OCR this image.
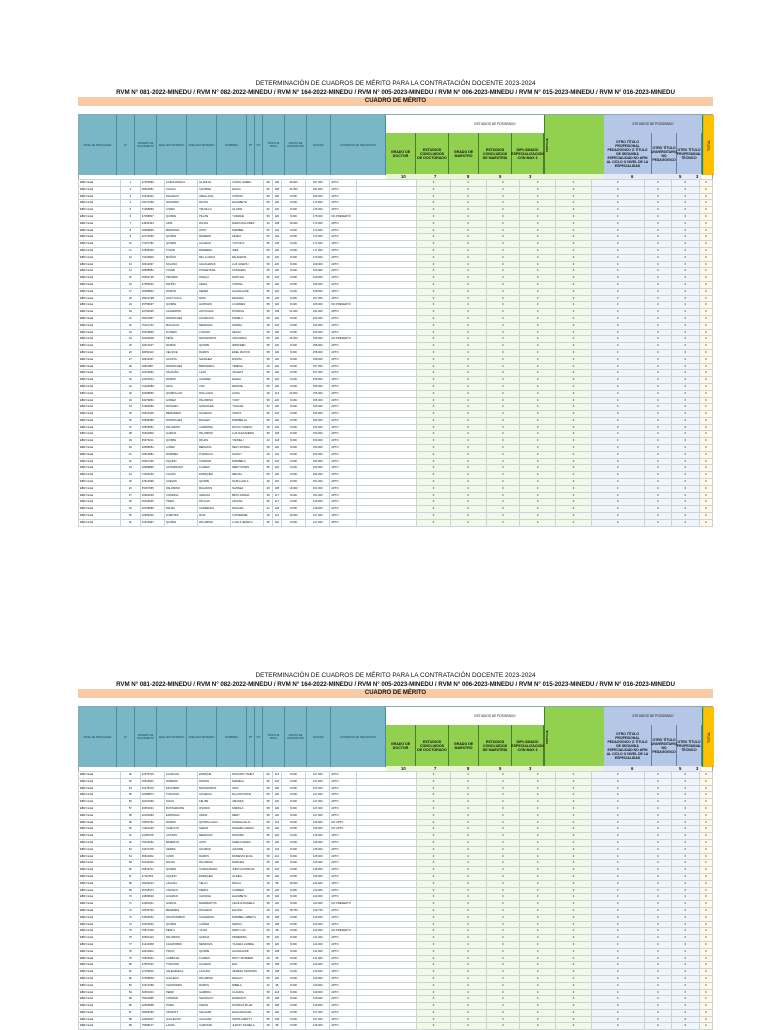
DETERMINACIÓN DE CUADROS DE MÉRITO PARA LA CONTRATACIÓN DOCENTE 2023-2024
RVM N° 081-2022-MINEDU / RVM N° 082-2022-MINEDU / RVM N° 164-2022-MINEDU / RVM N° 005-2023-MINEDU / RVM N° 006-2023-MINEDU / RVM N° 015-2023-MINEDU / RVM N° 016-2023-MINEDU
CUADRO DE MÉRITO
NIVEL DE MODALIDAD	N°	NÚMERO DE DOCUMENTO	APELLIDO PATERNO	APELLIDO MATERNO	NOMBRES	PT	PO	PUNTAJE FINAL
GRUPO DE INSCRIPCIÓN	ESTADO	CONDICIÓN DE REQUISITOS
ESTUDIOS DE POSGRADO
GRADO DE DOCTOR
ESTUDIOS CONCLUIDOS DE DOCTORADO
GRADO DE MAESTRO
ESTUDIOS CONCLUIDOS DE MAESTRÍA
DIPLOMADO ESPECIALIZACIÓN CON MAX 3
PUNTAJE
ESTUDIOS DE POSGRADO
OTRO TÍTULO PROFESIONAL PEDAGÓGICO O TÍTULO DE SEGUNDA ESPECIALIDAD NO AFIN AL CICLO O NIVEL DE LA ESPECIALIDAD
OTRO TÍTULO UNIVERSITARIO NO PEDAGÓGICO
OTRO TÍTULO PROFESIONAL TÉCNICO
TOTAL
10	7	8	5	3	6	5	3
EBR Inicial	1	47354893	CARHUAMACA	ILLIMILLE	CAROL ISABEL	98	109	29.000	207.000	APTO		0	0	0	0	0	0	0	0	0
EBR Inicial	2	48910851	ALIAGA	CHAPINE	ELIGIA	96	108	24.000	184.000	APTO		0	0	0	0	0	0	0	0	0
EBR Inicial	3	40418442	PACHECO	ORELLANA	CINTHIA	98	120	8.000	180.000	APTO		0	0	0	0	0	0	0	0	0
EBR Inicial	4	45071358	NAVARRO	ROJAS	ELIZABETH	58	120	8.000	176.000	APTO		0	0	0	0	0	0	0	0	0
EBR Inicial	5	71258869	LOPEZ	TRUJILLO	GLORIA	60	120	8.000	176.000	APTO		0	0	0	0	0	0	0	0	0
EBR Inicial	6	47098807	QUISPE	PILLPE	YURIANE	58	120	8.000	175.000	NO PRESENTO		0	0	0	0	0	0	0	0	0
EBR Inicial	7	44843334	ARIS	ROJAS	MARIA DOLORES	49	108	19.000	173.000	APTO		0	0	0	0	0	0	0	0	0
EBR Inicial	8	46698845	MENDOZA	ASTO	MARIBEL	56	116	9.000	172.000	APTO		0	0	0	0	0	0	0	0	0
EBR Inicial	9	42173665	QUISPE	ROMERO	KENDY	59	104	8.000	172.000	APTO		0	0	0	0	0	0	0	0	0
EBR Inicial	10	71457782	QUISPE	HUAMAN	YOCSICA	58	109	8.000	171.000	APTO		0	0	0	0	0	0	0	0	0
EBR Inicial	11	41558426	TOVAR	BARRERA	INES	58	120	8.000	171.000	APTO		0	0	0	0	0	0	0	0	0
EBR Inicial	12	71019900	MUÑOZ	DE LA CRUZ	MILAGROS	48	120	8.000	170.000	APTO		0	0	0	0	0	0	0	0	0
EBR Inicial	13	46612937	SOLANO	CHACHAPAS	LUZ JANETH	58	120	8.000	169.000	APTO		0	0	0	0	0	0	0	0	0
EBR Inicial	14	46698584	TOVAR	PONKETANA	KATHERIN	58	120	8.000	169.000	APTO		0	0	0	0	0	0	0	0	0
EBR Inicial	15	45592728	PIZARRO	ZAVALA	MARYLIN	58	120	8.000	169.000	APTO		0	0	0	0	0	0	0	0	0
EBR Inicial	16	47655042	PATIÑO	ARIAS	CORINA	58	120	8.000	168.000	APTO		0	0	0	0	0	0	0	0	0
EBR Inicial	17	46098804	ROMAN	PEREZ	GUADALUPE	58	120	8.000	168.000	APTO		0	0	0	0	0	0	0	0	0
EBR Inicial	18	45914798	HUAYTULLA	RIOS	ERLINDA	58	120	8.000	167.000	APTO		0	0	0	0	0	0	0	0	0
EBR Inicial	19	45756937	QUISPE	HURTADO	LOURDES	58	120	8.000	165.000	NO PRESENTO		0	0	0	0	0	0	0	0	0
EBR Inicial	20	40793695	CALDERON	ASTOCAZA	PATRICIA	58	109	21.000	164.000	APTO		0	0	0	0	0	0	0	0	0
EBR Inicial	21	45021857	RODRIGUEZ	HUAMCAYA	PAMELA	58	120	8.000	163.000	APTO		0	0	0	0	0	0	0	0	0
EBR Inicial	22	76121743	MACHACA	MENDOZA	WANDA	48	120	8.000	163.000	APTO		0	0	0	0	0	0	0	0	0
EBR Inicial	23	45519890	FLORES	LOZANO	NELSA	58	120	8.000	163.000	APTO		0	0	0	0	0	0	0	0	0
EBR Inicial	24	40400608	PEÑA	MATAMOROS	ANA MARIA	58	120	26.000	159.000	NO PRESENTO		0	0	0	0	0	0	0	0	0
EBR Inicial	25	40971627	RAMOS	QUISPE	WINIFRED	58	120	8.000	158.000	APTO		0	0	0	0	0	0	0	0	0
EBR Inicial	26	48059410	VELIQUE	RAMOS	EDEL MILTON	58	120	8.000	158.000	APTO		0	0	0	0	0	0	0	0	0
EBR Inicial	27	46512067	ACOSTA	SANCHEZ	ROSITA	58	120	8.000	158.000	APTO		0	0	0	0	0	0	0	0	0
EBR Inicial	28	46811857	RODRIGUEZ	BERNARDO	TERESA	48	120	8.000	157.000	APTO		0	0	0	0	0	0	0	0	0
EBR Inicial	29	40319962	SALDAÑA	LAZO	VIOLETA	58	120	8.000	157.000	APTO		0	0	0	0	0	0	0	0	0
EBR Inicial	30	41631544	RAMOS	ALVAREZ	ELENA	58	120	8.000	155.000	APTO		0	0	0	0	0	0	0	0	0
EBR Inicial	31	70429289	LEVA	CIRI	RENATE	58	120	8.000	155.000	APTO		0	0	0	0	0	0	0	0	0
EBR Inicial	32	40498650	QUISPILLAN	DOLLALDA	ALINA	28	113	20.000	155.000	APTO		0	0	0	0	0	0	0	0	0
EBR Inicial	33	43079863	GOMEZ	PALOMINO	YUDY	58	120	8.000	155.000	APTO		0	0	0	0	0	0	0	0	0
EBR Inicial	34	41994860	ROSARIO	GONZALES	YOHANA	52	120	8.000	155.000	APTO		0	0	0	0	0	0	0	0	0
EBR Inicial	35	46614905	BERNARDO	HUAMANI	TANITA	58	120	8.000	155.000	APTO		0	0	0	0	0	0	0	0	0
EBR Inicial	36	46599488	RODRIGUEZ	BULGEO	MARIBELLA	58	120	8.000	154.000	APTO		0	0	0	0	0	0	0	0	0
EBR Inicial	37	40518951	PALOMINO	CARMONA	ROCIO YANETH	48	120	8.000	154.000	APTO		0	0	0	0	0	0	0	0	0
EBR Inicial	38	46491802	GARCIA	PALOMINO	LUZ ALEXANDRA	58	108	8.000	153.000	APTO		0	0	0	0	0	0	0	0	0
EBR Inicial	39	45379211	QUISPE	ROJAS	YANNELI	42	118	8.000	153.000	APTO		0	0	0	0	0	0	0	0	0
EBR Inicial	40	40958051	LOPEZ	BERGATA	NELY ROSSIA	58	120	8.000	153.000	APTO		0	0	0	0	0	0	0	0	0
EBR Inicial	41	40514881	RAMIREZ	PURISACA	NATALY	48	110	8.000	153.000	APTO		0	0	0	0	0	0	0	0	0
EBR Inicial	42	45607430	AQUINO	CONDOR	MARIBELA	58	120	8.000	153.000	APTO		0	0	0	0	0	0	0	0	0
EBR Inicial	43	40599869	ALTAMIRANO	FLORES	MERY DORIS	58	120	8.000	153.000	APTO		0	0	0	0	0	0	0	0	0
EBR Inicial	44	71609140	CALVAY	ENRIQUEZ	MELISA	58	120	8.000	152.000	APTO		0	0	0	0	0	0	0	0	0
EBR Inicial	45	47914699	CUEVAS	QUISPE	SARI LUCILA	48	120	8.000	151.000	APTO		0	0	0	0	0	0	0	0	0
EBR Inicial	46	45067065	PALOMINO	BULAMOS	NANSEA	28	108	19.000	151.000	APTO		0	0	0	0	0	0	0	0	0
EBR Inicial	47	46900639	CONDINA	VARGAS	BETH FARMA	28	117	8.000	151.000	APTO		0	0	0	0	0	0	0	0	0
EBR Inicial	48	45166645	TINEO	PACCAS	LEVANA	58	117	8.000	149.000	APTO		0	0	0	0	0	0	0	0	0
EBR Inicial	49	20799868	PALMA	CARDENAS	ROSANA	22	128	8.000	148.000	APTO		0	0	0	0	0	0	0	0	0
EBR Inicial	50	40699420	FUENTES	RUIZ	CATHERINE	48	112	19.000	147.000	APTO		0	0	0	0	0	0	0	0	0
EBR Inicial	51	41615997	QUISPE	PALOMINO	LUCILA JENETH	38	110	8.000	147.000	APTO		0	0	0	0	0	0	0	0	0
DETERMINACIÓN DE CUADROS DE MÉRITO PARA LA CONTRATACIÓN DOCENTE 2023-2024
RVM N° 081-2022-MINEDU / RVM N° 082-2022-MINEDU / RVM N° 164-2022-MINEDU / RVM N° 005-2023-MINEDU / RVM N° 006-2023-MINEDU / RVM N° 015-2023-MINEDU / RVM N° 016-2023-MINEDU
CUADRO DE MÉRITO
NIVEL DE MODALIDAD	N°	NÚMERO DE DOCUMENTO	APELLIDO PATERNO	APELLIDO MATERNO	NOMBRES	PT	PO	PUNTAJE FINAL
GRUPO DE INSCRIPCIÓN	ESTADO	CONDICIÓN DE REQUISITOS
ESTUDIOS DE POSGRADO
GRADO DE DOCTOR
ESTUDIOS CONCLUIDOS DE DOCTORADO
GRADO DE MAESTRO
ESTUDIOS CONCLUIDOS DE MAESTRÍA
DIPLOMADO ESPECIALIZACIÓN CON MAX 3
PUNTAJE
ESTUDIOS DE POSGRADO
OTRO TÍTULO PROFESIONAL PEDAGÓGICO O TÍTULO DE SEGUNDA ESPECIALIDAD NO AFIN AL CICLO O NIVEL DE LA ESPECIALIDAD
OTRO TÍTULO UNIVERSITARIO NO PEDAGÓGICO
OTRO TÍTULO PROFESIONAL TÉCNICO
TOTAL
10	7	8	5	3	6	5	3
EBR Inicial	52	41575745	ALARCON	ENRIQUE	ROSARIO YANET	96	113	8.000	147.000	APTO		0	0	0	0	0	0	0	0	0
EBR Inicial	53	46516904	ROMERO	ROMAN	MARIELA	58	120	8.000	147.000	APTO		0	0	0	0	0	0	0	0	0
EBR Inicial	54	40175479	ESCOBAR	MATAMOROS	SINA	58	120	8.000	147.000	APTO		0	0	0	0	0	0	0	0	0
EBR Inicial	55	46098873	TOSCANO	HUAMANI	RAI ANTONIOS	58	120	8.000	147.000	APTO		0	0	0	0	0	0	0	0	0
EBR Inicial	56	20424669	SOLIS	FELIPE	AMANDA	58	120	8.000	147.000	APTO		0	0	0	0	0	0	0	0	0
EBR Inicial	57	46651901	BUSTAMANTE	OSORIO	FABIOLA	58	120	8.000	147.000	APTO		0	0	0	0	0	0	0	0	0
EBR Inicial	58	40191893	ESPINOZA	ANDIA	MERY	58	120	8.000	147.000	APTO		0	0	0	0	0	0	0	0	0
EBR Inicial	59	79502762	RAMOS	QUISPILLAHUI	NOHELIA ELIA	58	113	8.000	145.000	NO APTO		0	0	0	0	0	0	0	0	0
EBR Inicial	60	71624229	CARLOTO	SAENZ	NOHEMI CARINA	48	120	8.000	145.000	NO APTO		0	0	0	0	0	0	0	0	0
EBR Inicial	61	41155708	CASTRO	MENDOZA	ROSAMA	58	120	8.000	145.000	APTO		0	0	0	0	0	0	0	0	0
EBR Inicial	62	76014662	BARRETO	ASTO	SHEILA MARIA	58	120	8.000	145.000	APTO		0	0	0	0	0	0	0	0	0
EBR Inicial	63	43371378	GERRA	HUAMAN	ALNORE	28	122	8.000	145.000	APTO		0	0	0	0	0	0	0	0	0
EBR Inicial	64	45611962	CURO	RAMOS	MODESTA ELSA	58	110	8.000	145.000	APTO		0	0	0	0	0	0	0	0	0
EBR Inicial	65	46106049	ROJAS	PALOMINO	MARLENI	58	120	8.000	145.000	APTO		0	0	0	0	0	0	0	0	0
EBR Inicial	66	45516741	QUISPE	CURIHUAMAN	JUDITH PATRICIA	58	120	8.000	145.000	APTO		0	0	0	0	0	0	0	0	0
EBR Inicial	67	47111562	AQUINO	ENRIQUEZ	OLINDA	58	120	8.000	145.000	APTO		0	0	0	0	0	0	0	0	0
EBR Inicial	68	46409313	LAGUNA	TELLO	PAOLA	48	98	18.000	144.000	APTO		0	0	0	0	0	0	0	0	0
EBR Inicial	69	45708473	VIVANCO	PERKA	CARMEN	58	120	8.000	143.000	APTO		0	0	0	0	0	0	0	0	0
EBR Inicial	70	43899630	HUAMAN	CHOQUE	ELIZABETH	28	120	8.000	143.000	APTO		0	0	0	0	0	0	0	0	0
EBR Inicial	71	41904641	GARCIA	BARRIENTOS	CECILIA DANIELA	58	120	8.000	143.000	NO PRESENTO		0	0	0	0	0	0	0	0	0
EBR Inicial	72	40545793	MENESES	PACHECO	ELFIDIA	28	122	18.750	143.750	APTO		0	0	0	0	0	0	0	0	0
EBR Inicial	73	44534642	SANTISTEBAN	CALDERON	MARIBEL LIZBETH	58	108	8.000	142.000	APTO		0	0	0	0	0	0	0	0	0
EBR Inicial	74	40970642	QUISPE	CAÑARI	MARILU	48	108	8.000	142.000	APTO		0	0	0	0	0	0	0	0	0
EBR Inicial	75	76671306	PERLA	YACHI	MARY LUZ	48	98	8.000	142.000	NO PRESENTO		0	0	0	0	0	0	0	0	0
EBR Inicial	76	40904413	PALOMINO	GARCIA	PRISERIDA	58	120	8.000	141.000	APTO		0	0	0	0	0	0	0	0	0
EBR Inicial	77	41414668	CHAMORRO	MENDOZA	YAJAIRA LIZABEL	58	120	8.000	141.000	APTO		0	0	0	0	0	0	0	0	0
EBR Inicial	78	40611804	TINCO	QUISPE	GUADALUPE	58	108	8.000	141.000	APTO		0	0	0	0	0	0	0	0	0
EBR Inicial	79	76516942	CARBAJAL	FLORES	ROCY ROSMERI	48	98	8.000	141.000	APTO		0	0	0	0	0	0	0	0	0
EBR Inicial	80	47567643	TOSCANO	HUAMAN	EVA	58	108	8.000	140.000	APTO		0	0	0	0	0	0	0	0	0
EBR Inicial	81	47159910	VALENZUELA	LAGUNA	VENESA TEODORA	58	108	8.000	140.000	APTO		0	0	0	0	0	0	0	0	0
EBR Inicial	82	47458009	GALLEGO	PALOMINO	MAGALY	58	120	8.000	140.000	APTO		0	0	0	0	0	0	0	0	0
EBR Inicial	83	41571568	CHAMORRO	RAMOS	RIBELA	42	98	8.000	140.000	APTO		0	0	0	0	0	0	0	0	0
EBR Inicial	84	46651904	PERM	GAMBOA	CLAUDIA	58	118	8.000	139.000	APTO		0	0	0	0	0	0	0	0	0
EBR Inicial	85	76021895	CONDOR	SHONGUYI	ESTEFANY	58	108	8.000	139.000	APTO		0	0	0	0	0	0	0	0	0
EBR Inicial	86	22606998	POMA	ZARAS	PATRICIA PILAR	58	108	8.000	139.000	APTO		0	0	0	0	0	0	0	0	0
EBR Inicial	87	48066469	CRUZATT	SALAZAR	ELIZA ROSANA	58	120	8.000	137.000	APTO		0	0	0	0	0	0	0	0	0
EBR Inicial	88	42094007	GALLEGOS	ALCAZAR	ZAPOLA BETTY	58	108	8.000	137.000	APTO		0	0	0	0	0	0	0	0	0
EBR Inicial	89	75998277	LAURA	CAMASTE	JHAFFY DANIELA	48	98	8.000	136.000	APTO		0	0	0	0	0	0	0	0	0
